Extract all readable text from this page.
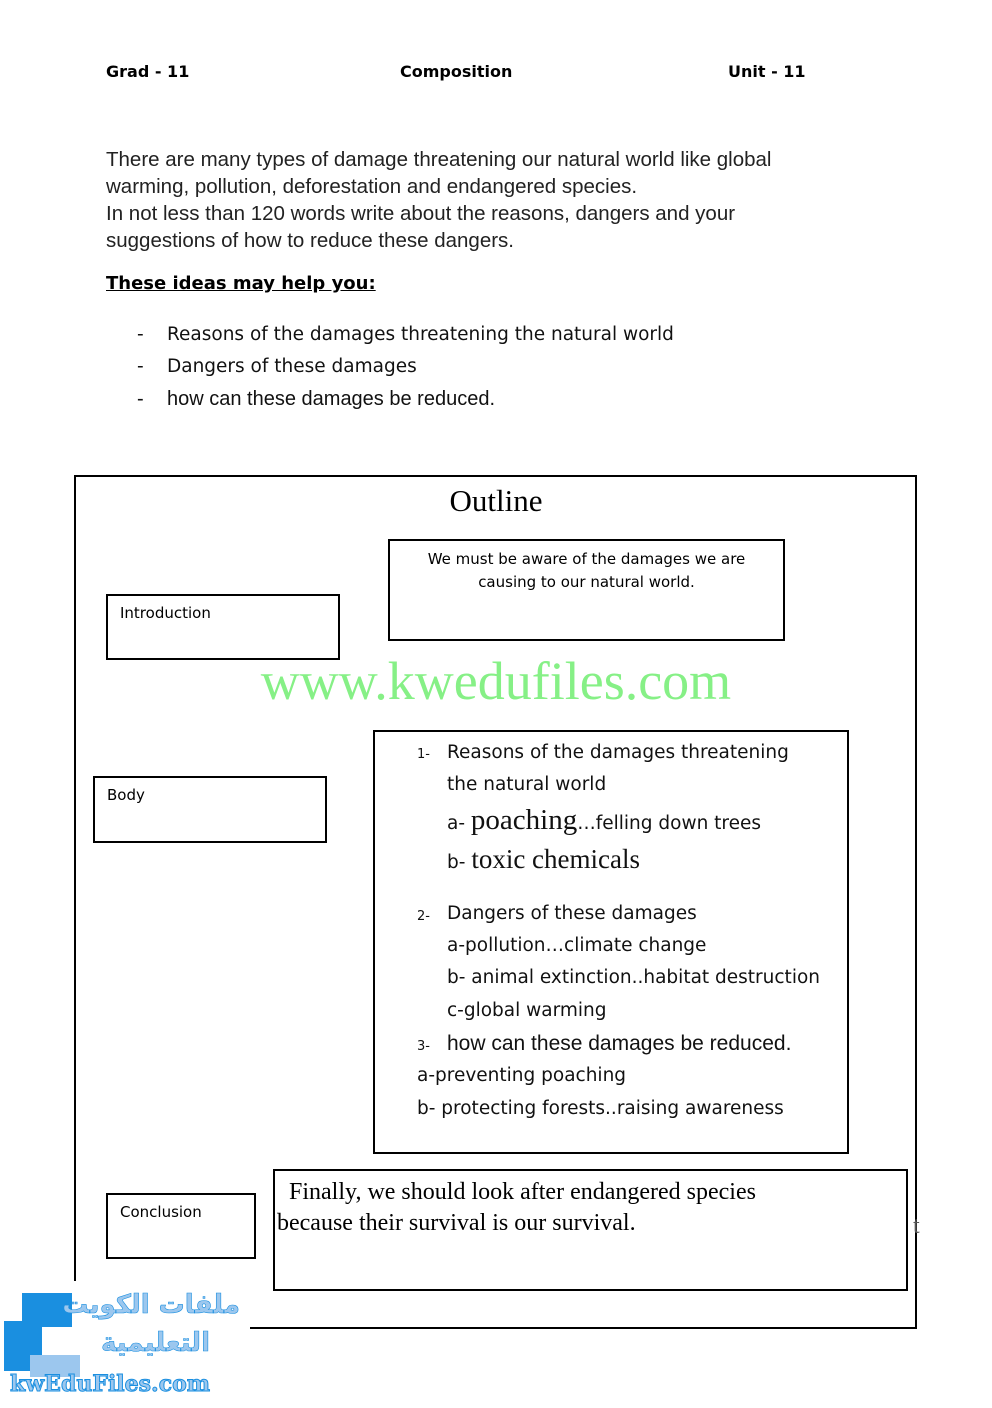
Grad - 11	Composition	Unit - 11
There are many types of damage threatening our natural world like global
warming, pollution, deforestation and endangered species.
In not less than 120 words write about the reasons, dangers and your
suggestions of how to reduce these dangers.
These ideas may help you:
- Reasons of the damages threatening the natural world
- Dangers of these damages
- how can these damages be reduced.
Outline
Introduction
We must be aware of the damages we are
causing to our natural world.
www.kwedufiles.com
Body
1- Reasons of the damages threatening
the natural world
a- poaching…felling down trees
b- toxic chemicals
2- Dangers of these damages
a-pollution…climate change
b- animal extinction..habitat destruction
c-global warming
3- how can these damages be reduced.
a-preventing poaching
b- protecting forests..raising awareness
Conclusion
Finally, we should look after endangered species
because their survival is our survival.	t
ملفات الكويت
التعليمية
kwEduFiles.com
